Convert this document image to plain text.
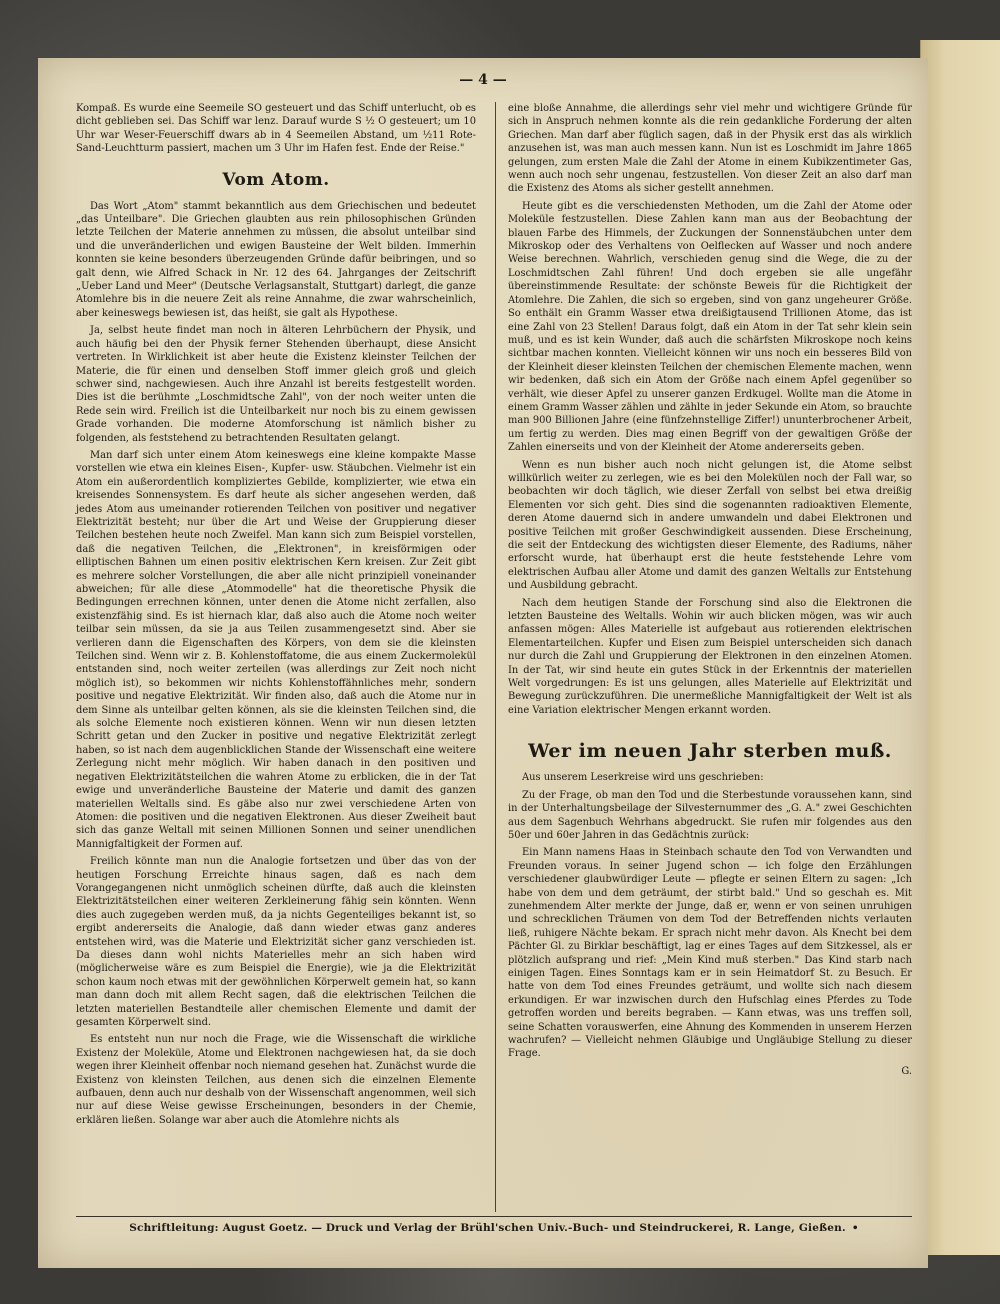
— 4 —

Kompaß. Es wurde eine Seemeile SO gesteuert und das Schiff unterlucht, ob es dicht geblieben sei. Das Schiff war lenz. Darauf wurde S ½ O gesteuert; um 10 Uhr war Weser-Feuerschiff dwars ab in 4 Seemeilen Abstand, um ½11 Rote-Sand-Leuchtturm passiert, machen um 3 Uhr im Hafen fest. Ende der Reise."

Vom Atom.

Das Wort „Atom" stammt bekanntlich aus dem Griechischen und bedeutet „das Unteilbare". Die Griechen glaubten aus rein philosophischen Gründen letzte Teilchen der Materie annehmen zu müssen, die absolut unteilbar sind und die unveränderlichen und ewigen Bausteine der Welt bilden. Immerhin konnten sie keine besonders überzeugenden Gründe dafür beibringen, und so galt denn, wie Alfred Schack in Nr. 12 des 64. Jahrganges der Zeitschrift „Ueber Land und Meer" (Deutsche Verlagsanstalt, Stuttgart) darlegt, die ganze Atomlehre bis in die neuere Zeit als reine Annahme, die zwar wahrscheinlich, aber keineswegs bewiesen ist, das heißt, sie galt als Hypothese.

Ja, selbst heute findet man noch in älteren Lehrbüchern der Physik, und auch häufig bei den der Physik ferner Stehenden überhaupt, diese Ansicht vertreten. In Wirklichkeit ist aber heute die Existenz kleinster Teilchen der Materie, die für einen und denselben Stoff immer gleich groß und gleich schwer sind, nachgewiesen. Auch ihre Anzahl ist bereits festgestellt worden. Dies ist die berühmte „Loschmidtsche Zahl", von der noch weiter unten die Rede sein wird. Freilich ist die Unteilbarkeit nur noch bis zu einem gewissen Grade vorhanden. Die moderne Atomforschung ist nämlich bisher zu folgenden, als feststehend zu betrachtenden Resultaten gelangt.

Man darf sich unter einem Atom keineswegs eine kleine kompakte Masse vorstellen wie etwa ein kleines Eisen-, Kupfer- usw. Stäubchen. Vielmehr ist ein Atom ein außerordentlich kompliziertes Gebilde, komplizierter, wie etwa ein kreisendes Sonnensystem. Es darf heute als sicher angesehen werden, daß jedes Atom aus umeinander rotierenden Teilchen von positiver und negativer Elektrizität besteht; nur über die Art und Weise der Gruppierung dieser Teilchen bestehen heute noch Zweifel. Man kann sich zum Beispiel vorstellen, daß die negativen Teilchen, die „Elektronen", in kreisförmigen oder elliptischen Bahnen um einen positiv elektrischen Kern kreisen. Zur Zeit gibt es mehrere solcher Vorstellungen, die aber alle nicht prinzipiell voneinander abweichen; für alle diese „Atommodelle" hat die theoretische Physik die Bedingungen errechnen können, unter denen die Atome nicht zerfallen, also existenzfähig sind. Es ist hiernach klar, daß also auch die Atome noch weiter teilbar sein müssen, da sie ja aus Teilen zusammengesetzt sind. Aber sie verlieren dann die Eigenschaften des Körpers, von dem sie die kleinsten Teilchen sind. Wenn wir z. B. Kohlenstoffatome, die aus einem Zuckermolekül entstanden sind, noch weiter zerteilen (was allerdings zur Zeit noch nicht möglich ist), so bekommen wir nichts Kohlenstoffähnliches mehr, sondern positive und negative Elektrizität. Wir finden also, daß auch die Atome nur in dem Sinne als unteilbar gelten können, als sie die kleinsten Teilchen sind, die als solche Elemente noch existieren können. Wenn wir nun diesen letzten Schritt getan und den Zucker in positive und negative Elektrizität zerlegt haben, so ist nach dem augenblicklichen Stande der Wissenschaft eine weitere Zerlegung nicht mehr möglich. Wir haben danach in den positiven und negativen Elektrizitätsteilchen die wahren Atome zu erblicken, die in der Tat ewige und unveränderliche Bausteine der Materie und damit des ganzen materiellen Weltalls sind. Es gäbe also nur zwei verschiedene Arten von Atomen: die positiven und die negativen Elektronen. Aus dieser Zweiheit baut sich das ganze Weltall mit seinen Millionen Sonnen und seiner unendlichen Mannigfaltigkeit der Formen auf.

Freilich könnte man nun die Analogie fortsetzen und über das von der heutigen Forschung Erreichte hinaus sagen, daß es nach dem Vorangegangenen nicht unmöglich scheinen dürfte, daß auch die kleinsten Elektrizitätsteilchen einer weiteren Zerkleinerung fähig sein könnten. Wenn dies auch zugegeben werden muß, da ja nichts Gegenteiliges bekannt ist, so ergibt andererseits die Analogie, daß dann wieder etwas ganz anderes entstehen wird, was die Materie und Elektrizität sicher ganz verschieden ist. Da dieses dann wohl nichts Materielles mehr an sich haben wird (möglicherweise wäre es zum Beispiel die Energie), wie ja die Elektrizität schon kaum noch etwas mit der gewöhnlichen Körperwelt gemein hat, so kann man dann doch mit allem Recht sagen, daß die elektrischen Teilchen die letzten materiellen Bestandteile aller chemischen Elemente und damit der gesamten Körperwelt sind.

Es entsteht nun nur noch die Frage, wie die Wissenschaft die wirkliche Existenz der Moleküle, Atome und Elektronen nachgewiesen hat, da sie doch wegen ihrer Kleinheit offenbar noch niemand gesehen hat. Zunächst wurde die Existenz von kleinsten Teilchen, aus denen sich die einzelnen Elemente aufbauen, denn auch nur deshalb von der Wissenschaft angenommen, weil sich nur auf diese Weise gewisse Erscheinungen, besonders in der Chemie, erklären ließen. Solange war aber auch die Atomlehre nichts als

eine bloße Annahme, die allerdings sehr viel mehr und wichtigere Gründe für sich in Anspruch nehmen konnte als die rein gedankliche Forderung der alten Griechen. Man darf aber füglich sagen, daß in der Physik erst das als wirklich anzusehen ist, was man auch messen kann. Nun ist es Loschmidt im Jahre 1865 gelungen, zum ersten Male die Zahl der Atome in einem Kubikzentimeter Gas, wenn auch noch sehr ungenau, festzustellen. Von dieser Zeit an also darf man die Existenz des Atoms als sicher gestellt annehmen.

Heute gibt es die verschiedensten Methoden, um die Zahl der Atome oder Moleküle festzustellen. Diese Zahlen kann man aus der Beobachtung der blauen Farbe des Himmels, der Zuckungen der Sonnenstäubchen unter dem Mikroskop oder des Verhaltens von Oelflecken auf Wasser und noch andere Weise berechnen. Wahrlich, verschieden genug sind die Wege, die zu der Loschmidtschen Zahl führen! Und doch ergeben sie alle ungefähr übereinstimmende Resultate: der schönste Beweis für die Richtigkeit der Atomlehre. Die Zahlen, die sich so ergeben, sind von ganz ungeheurer Größe. So enthält ein Gramm Wasser etwa dreißigtausend Trillionen Atome, das ist eine Zahl von 23 Stellen! Daraus folgt, daß ein Atom in der Tat sehr klein sein muß, und es ist kein Wunder, daß auch die schärfsten Mikroskope noch keins sichtbar machen konnten. Vielleicht können wir uns noch ein besseres Bild von der Kleinheit dieser kleinsten Teilchen der chemischen Elemente machen, wenn wir bedenken, daß sich ein Atom der Größe nach einem Apfel gegenüber so verhält, wie dieser Apfel zu unserer ganzen Erdkugel. Wollte man die Atome in einem Gramm Wasser zählen und zählte in jeder Sekunde ein Atom, so brauchte man 900 Billionen Jahre (eine fünfzehnstellige Ziffer!) ununterbrochener Arbeit, um fertig zu werden. Dies mag einen Begriff von der gewaltigen Größe der Zahlen einerseits und von der Kleinheit der Atome andererseits geben.

Wenn es nun bisher auch noch nicht gelungen ist, die Atome selbst willkürlich weiter zu zerlegen, wie es bei den Molekülen noch der Fall war, so beobachten wir doch täglich, wie dieser Zerfall von selbst bei etwa dreißig Elementen vor sich geht. Dies sind die sogenannten radioaktiven Elemente, deren Atome dauernd sich in andere umwandeln und dabei Elektronen und positive Teilchen mit großer Geschwindigkeit aussenden. Diese Erscheinung, die seit der Entdeckung des wichtigsten dieser Elemente, des Radiums, näher erforscht wurde, hat überhaupt erst die heute feststehende Lehre vom elektrischen Aufbau aller Atome und damit des ganzen Weltalls zur Entstehung und Ausbildung gebracht.

Nach dem heutigen Stande der Forschung sind also die Elektronen die letzten Bausteine des Weltalls. Wohin wir auch blicken mögen, was wir auch anfassen mögen: Alles Materielle ist aufgebaut aus rotierenden elektrischen Elementarteilchen. Kupfer und Eisen zum Beispiel unterscheiden sich danach nur durch die Zahl und Gruppierung der Elektronen in den einzelnen Atomen. In der Tat, wir sind heute ein gutes Stück in der Erkenntnis der materiellen Welt vorgedrungen: Es ist uns gelungen, alles Materielle auf Elektrizität und Bewegung zurückzuführen. Die unermeßliche Mannigfaltigkeit der Welt ist als eine Variation elektrischer Mengen erkannt worden.

Wer im neuen Jahr sterben muß.

Aus unserem Leserkreise wird uns geschrieben:

Zu der Frage, ob man den Tod und die Sterbestunde voraussehen kann, sind in der Unterhaltungsbeilage der Silvesternummer des „G. A." zwei Geschichten aus dem Sagenbuch Wehrhans abgedruckt. Sie rufen mir folgendes aus den 50er und 60er Jahren in das Gedächtnis zurück:

Ein Mann namens Haas in Steinbach schaute den Tod von Verwandten und Freunden voraus. In seiner Jugend schon — ich folge den Erzählungen verschiedener glaubwürdiger Leute — pflegte er seinen Eltern zu sagen: „Ich habe von dem und dem geträumt, der stirbt bald." Und so geschah es. Mit zunehmendem Alter merkte der Junge, daß er, wenn er von seinen unruhigen und schrecklichen Träumen von dem Tod der Betreffenden nichts verlauten ließ, ruhigere Nächte bekam. Er sprach nicht mehr davon. Als Knecht bei dem Pächter Gl. zu Birklar beschäftigt, lag er eines Tages auf dem Sitzkessel, als er plötzlich aufsprang und rief: „Mein Kind muß sterben." Das Kind starb nach einigen Tagen. Eines Sonntags kam er in sein Heimatdorf St. zu Besuch. Er hatte von dem Tod eines Freundes geträumt, und wollte sich nach diesem erkundigen. Er war inzwischen durch den Hufschlag eines Pferdes zu Tode getroffen worden und bereits begraben. — Kann etwas, was uns treffen soll, seine Schatten vorauswerfen, eine Ahnung des Kommenden in unserem Herzen wachrufen? — Vielleicht nehmen Gläubige und Ungläubige Stellung zu dieser Frage.

G.
Schriftleitung: August Goetz. — Druck und Verlag der Brühl'schen Univ.-Buch- und Steindruckerei, R. Lange, Gießen. •
